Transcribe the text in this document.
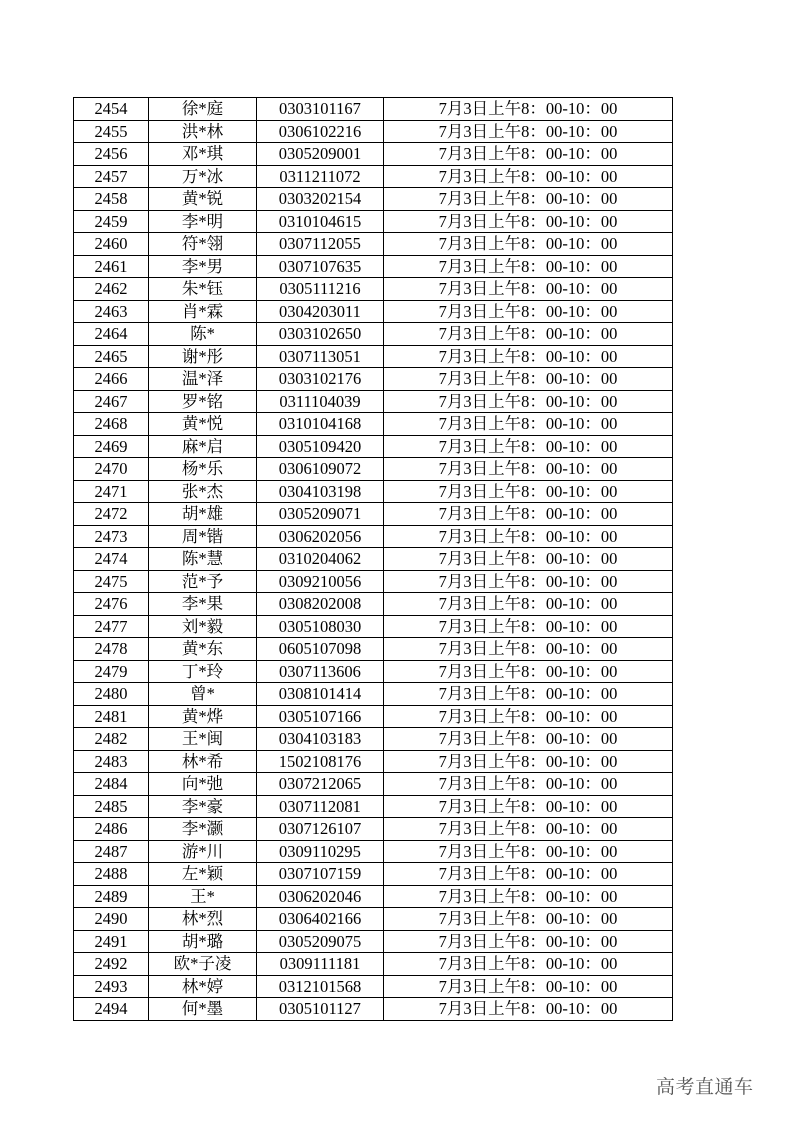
2454	徐*庭	0303101167	7月3日上午8：00-10：00
2455	洪*林	0306102216	7月3日上午8：00-10：00
2456	邓*琪	0305209001	7月3日上午8：00-10：00
2457	万*冰	0311211072	7月3日上午8：00-10：00
2458	黄*锐	0303202154	7月3日上午8：00-10：00
2459	李*明	0310104615	7月3日上午8：00-10：00
2460	符*翎	0307112055	7月3日上午8：00-10：00
2461	李*男	0307107635	7月3日上午8：00-10：00
2462	朱*钰	0305111216	7月3日上午8：00-10：00
2463	肖*霖	0304203011	7月3日上午8：00-10：00
2464	陈*	0303102650	7月3日上午8：00-10：00
2465	谢*彤	0307113051	7月3日上午8：00-10：00
2466	温*泽	0303102176	7月3日上午8：00-10：00
2467	罗*铭	0311104039	7月3日上午8：00-10：00
2468	黄*悦	0310104168	7月3日上午8：00-10：00
2469	麻*启	0305109420	7月3日上午8：00-10：00
2470	杨*乐	0306109072	7月3日上午8：00-10：00
2471	张*杰	0304103198	7月3日上午8：00-10：00
2472	胡*雄	0305209071	7月3日上午8：00-10：00
2473	周*锴	0306202056	7月3日上午8：00-10：00
2474	陈*慧	0310204062	7月3日上午8：00-10：00
2475	范*予	0309210056	7月3日上午8：00-10：00
2476	李*果	0308202008	7月3日上午8：00-10：00
2477	刘*毅	0305108030	7月3日上午8：00-10：00
2478	黄*东	0605107098	7月3日上午8：00-10：00
2479	丁*玲	0307113606	7月3日上午8：00-10：00
2480	曾*	0308101414	7月3日上午8：00-10：00
2481	黄*烨	0305107166	7月3日上午8：00-10：00
2482	王*闽	0304103183	7月3日上午8：00-10：00
2483	林*希	1502108176	7月3日上午8：00-10：00
2484	向*弛	0307212065	7月3日上午8：00-10：00
2485	李*豪	0307112081	7月3日上午8：00-10：00
2486	李*灏	0307126107	7月3日上午8：00-10：00
2487	游*川	0309110295	7月3日上午8：00-10：00
2488	左*颖	0307107159	7月3日上午8：00-10：00
2489	王*	0306202046	7月3日上午8：00-10：00
2490	林*烈	0306402166	7月3日上午8：00-10：00
2491	胡*璐	0305209075	7月3日上午8：00-10：00
2492	欧*子凌	0309111181	7月3日上午8：00-10：00
2493	林*婷	0312101568	7月3日上午8：00-10：00
2494	何*墨	0305101127	7月3日上午8：00-10：00
高考直通车
